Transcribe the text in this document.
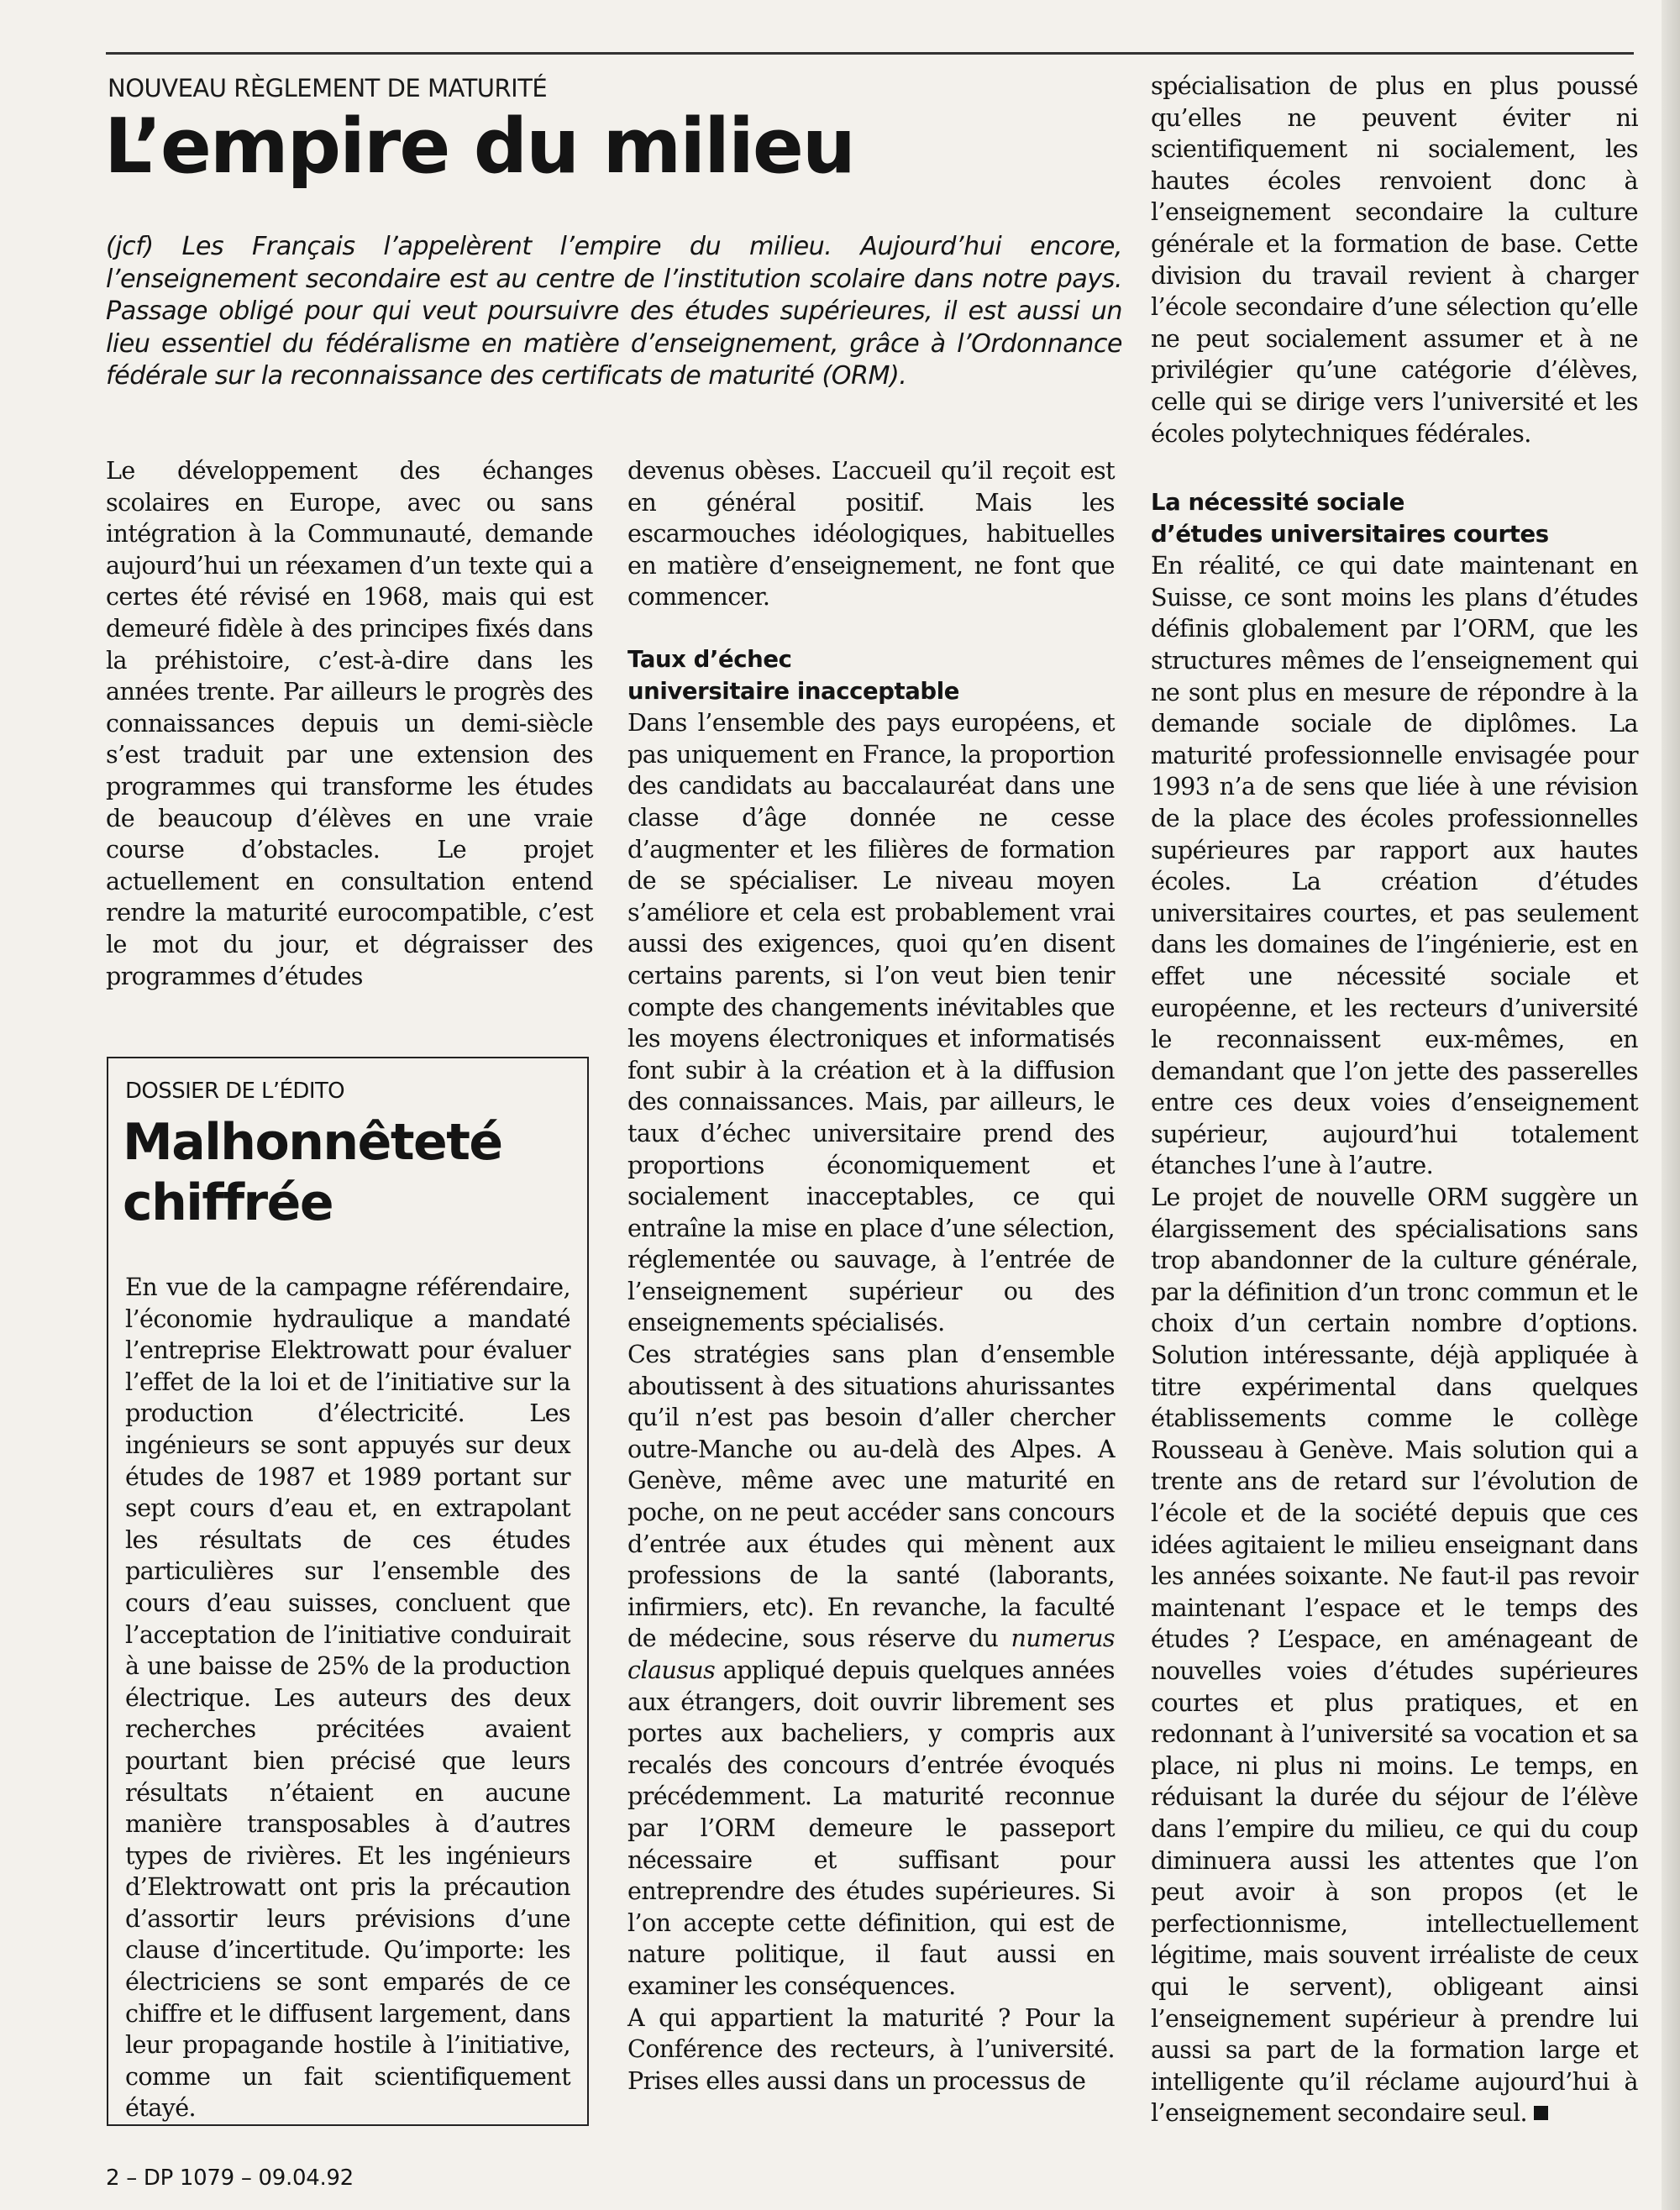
NOUVEAU RÈGLEMENT DE MATURITÉ
L’empire du milieu

(jcf) Les Français l’appelèrent l’empire du milieu. Aujourd’hui encore, l’enseignement secondaire est au centre de l’institution scolaire dans notre pays. Passage obligé pour qui veut poursuivre des études supérieures, il est aussi un lieu essentiel du fédéralisme en matière d’enseignement, grâce à l’Ordonnance fédérale sur la reconnaissance des certificats de maturité (ORM).

Le développement des échanges scolaires en Europe, avec ou sans intégration à la Communauté, demande aujourd’hui un réexamen d’un texte qui a certes été révisé en 1968, mais qui est demeuré fidèle à des principes fixés dans la préhistoire, c’est-à-dire dans les années trente. Par ailleurs le progrès des connaissances depuis un demi-siècle s’est traduit par une extension des programmes qui transforme les études de beaucoup d’élèves en une vraie course d’obstacles. Le projet actuellement en consultation entend rendre la maturité eurocompatible, c’est le mot du jour, et dégraisser des programmes d’études

devenus obèses. L’accueil qu’il reçoit est en général positif. Mais les escarmouches idéologiques, habituelles en matière d’enseignement, ne font que commencer.

Taux d’échec
universitaire inacceptable

Dans l’ensemble des pays européens, et pas uniquement en France, la proportion des candidats au baccalauréat dans une classe d’âge donnée ne cesse d’augmenter et les filières de formation de se spécialiser. Le niveau moyen s’améliore et cela est probablement vrai aussi des exigences, quoi qu’en disent certains parents, si l’on veut bien tenir compte des changements inévitables que les moyens électroniques et informatisés font subir à la création et à la diffusion des connaissances. Mais, par ailleurs, le taux d’échec universitaire prend des proportions économiquement et socialement inacceptables, ce qui entraîne la mise en place d’une sélection, réglementée ou sauvage, à l’entrée de l’enseignement supérieur ou des enseignements spécialisés.

Ces stratégies sans plan d’ensemble aboutissent à des situations ahurissantes qu’il n’est pas besoin d’aller chercher outre-Manche ou au-delà des Alpes. A Genève, même avec une maturité en poche, on ne peut accéder sans concours d’entrée aux études qui mènent aux professions de la santé (laborants, infirmiers, etc). En revanche, la faculté de médecine, sous réserve du numerus clausus appliqué depuis quelques années aux étrangers, doit ouvrir librement ses portes aux bacheliers, y compris aux recalés des concours d’entrée évoqués précédemment. La maturité reconnue par l’ORM demeure le passeport nécessaire et suffisant pour entreprendre des études supérieures. Si l’on accepte cette définition, qui est de nature politique, il faut aussi en examiner les conséquences.

A qui appartient la maturité ? Pour la Conférence des recteurs, à l’université. Prises elles aussi dans un processus de

spécialisation de plus en plus poussé qu’elles ne peuvent éviter ni scientifiquement ni socialement, les hautes écoles renvoient donc à l’enseignement secondaire la culture générale et la formation de base. Cette division du travail revient à charger l’école secondaire d’une sélection qu’elle ne peut socialement assumer et à ne privilégier qu’une catégorie d’élèves, celle qui se dirige vers l’université et les écoles polytechniques fédérales.

La nécessité sociale
d’études universitaires courtes

En réalité, ce qui date maintenant en Suisse, ce sont moins les plans d’études définis globalement par l’ORM, que les structures mêmes de l’enseignement qui ne sont plus en mesure de répondre à la demande sociale de diplômes. La maturité professionnelle envisagée pour 1993 n’a de sens que liée à une révision de la place des écoles professionnelles supérieures par rapport aux hautes écoles. La création d’études universitaires courtes, et pas seulement dans les domaines de l’ingénierie, est en effet une nécessité sociale et européenne, et les recteurs d’université le reconnaissent eux-mêmes, en demandant que l’on jette des passerelles entre ces deux voies d’enseignement supérieur, aujourd’hui totalement étanches l’une à l’autre.

Le projet de nouvelle ORM suggère un élargissement des spécialisations sans trop abandonner de la culture générale, par la définition d’un tronc commun et le choix d’un certain nombre d’options. Solution intéressante, déjà appliquée à titre expérimental dans quelques établissements comme le collège Rousseau à Genève. Mais solution qui a trente ans de retard sur l’évolution de l’école et de la société depuis que ces idées agitaient le milieu enseignant dans les années soixante. Ne faut-il pas revoir maintenant l’espace et le temps des études ? L’espace, en aménageant de nouvelles voies d’études supérieures courtes et plus pratiques, et en redonnant à l’université sa vocation et sa place, ni plus ni moins. Le temps, en réduisant la durée du séjour de l’élève dans l’empire du milieu, ce qui du coup diminuera aussi les attentes que l’on peut avoir à son propos (et le perfectionnisme, intellectuellement légitime, mais souvent irréaliste de ceux qui le servent), obligeant ainsi l’enseignement supérieur à prendre lui aussi sa part de la formation large et intelligente qu’il réclame aujourd’hui à l’enseignement secondaire seul.

DOSSIER DE L’ÉDITO
Malhonnêteté
chiffrée

En vue de la campagne référendaire, l’économie hydraulique a mandaté l’entreprise Elektrowatt pour évaluer l’effet de la loi et de l’initiative sur la production d’électricité. Les ingénieurs se sont appuyés sur deux études de 1987 et 1989 portant sur sept cours d’eau et, en extrapolant les résultats de ces études particulières sur l’ensemble des cours d’eau suisses, concluent que l’acceptation de l’initiative conduirait à une baisse de 25% de la production électrique. Les auteurs des deux recherches précitées avaient pourtant bien précisé que leurs résultats n’étaient en aucune manière transposables à d’autres types de rivières. Et les ingénieurs d’Elektrowatt ont pris la précaution d’assortir leurs prévisions d’une clause d’incertitude. Qu’importe: les électriciens se sont emparés de ce chiffre et le diffusent largement, dans leur propagande hostile à l’initiative, comme un fait scientifiquement étayé.

2 – DP 1079 – 09.04.92
